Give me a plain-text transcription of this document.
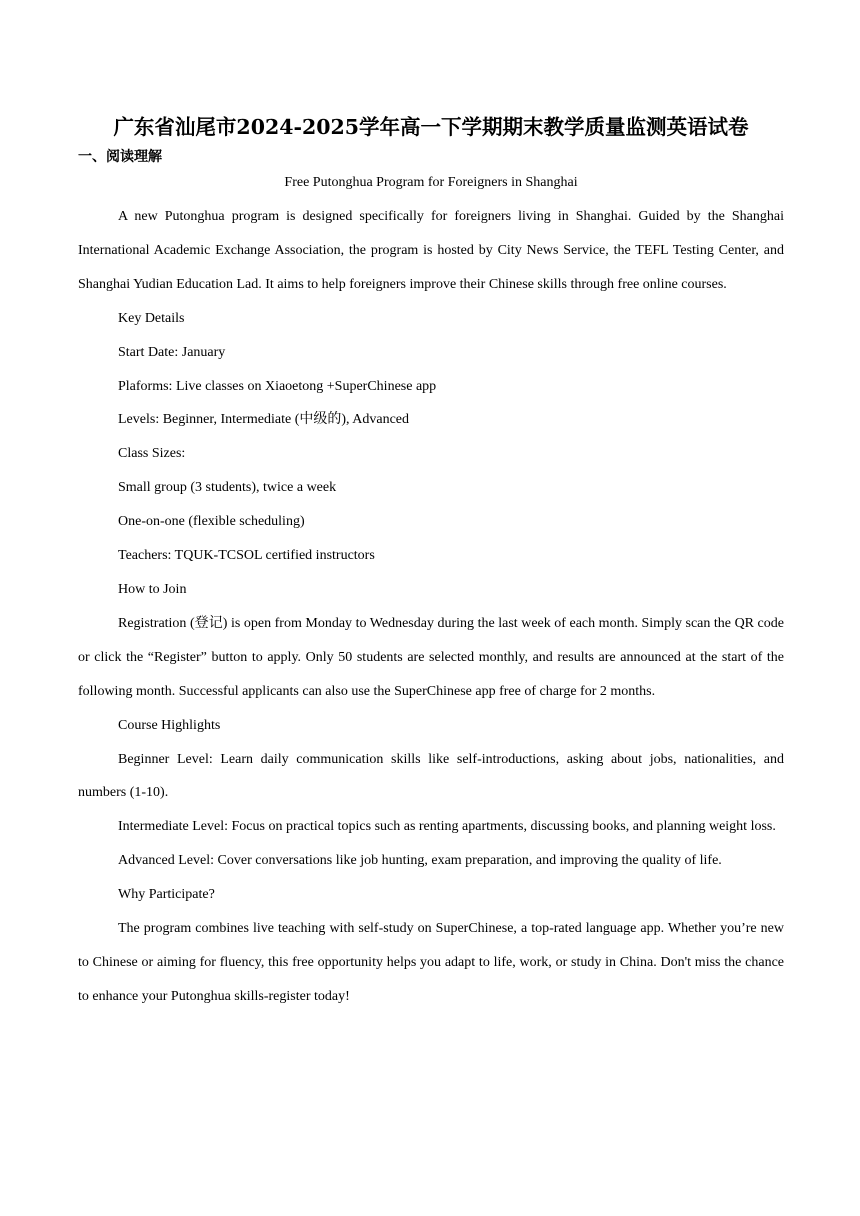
广东省汕尾市2024-2025学年高一下学期期末教学质量监测英语试卷
一、阅读理解
Free Putonghua Program for Foreigners in Shanghai

A new Putonghua program is designed specifically for foreigners living in Shanghai. Guided by the Shanghai International Academic Exchange Association, the program is hosted by City News Service, the TEFL Testing Center, and Shanghai Yudian Education Lad. It aims to help foreigners improve their Chinese skills through free online courses.

Key Details

Start Date: January

Plaforms: Live classes on Xiaoetong +SuperChinese app

Levels: Beginner, Intermediate (中级的), Advanced

Class Sizes:

Small group (3 students), twice a week

One-on-one (flexible scheduling)

Teachers: TQUK-TCSOL certified instructors

How to Join

Registration (登记) is open from Monday to Wednesday during the last week of each month. Simply scan the QR code or click the “Register” button to apply. Only 50 students are selected monthly, and results are announced at the start of the following month. Successful applicants can also use the SuperChinese app free of charge for 2 months.

Course Highlights

Beginner Level: Learn daily communication skills like self-introductions, asking about jobs, nationalities, and numbers (1-10).

Intermediate Level: Focus on practical topics such as renting apartments, discussing books, and planning weight loss.

Advanced Level: Cover conversations like job hunting, exam preparation, and improving the quality of life.

Why Participate?

The program combines live teaching with self-study on SuperChinese, a top-rated language app. Whether you’re new to Chinese or aiming for fluency, this free opportunity helps you adapt to life, work, or study in China. Don't miss the chance to enhance your Putonghua skills-register today!
